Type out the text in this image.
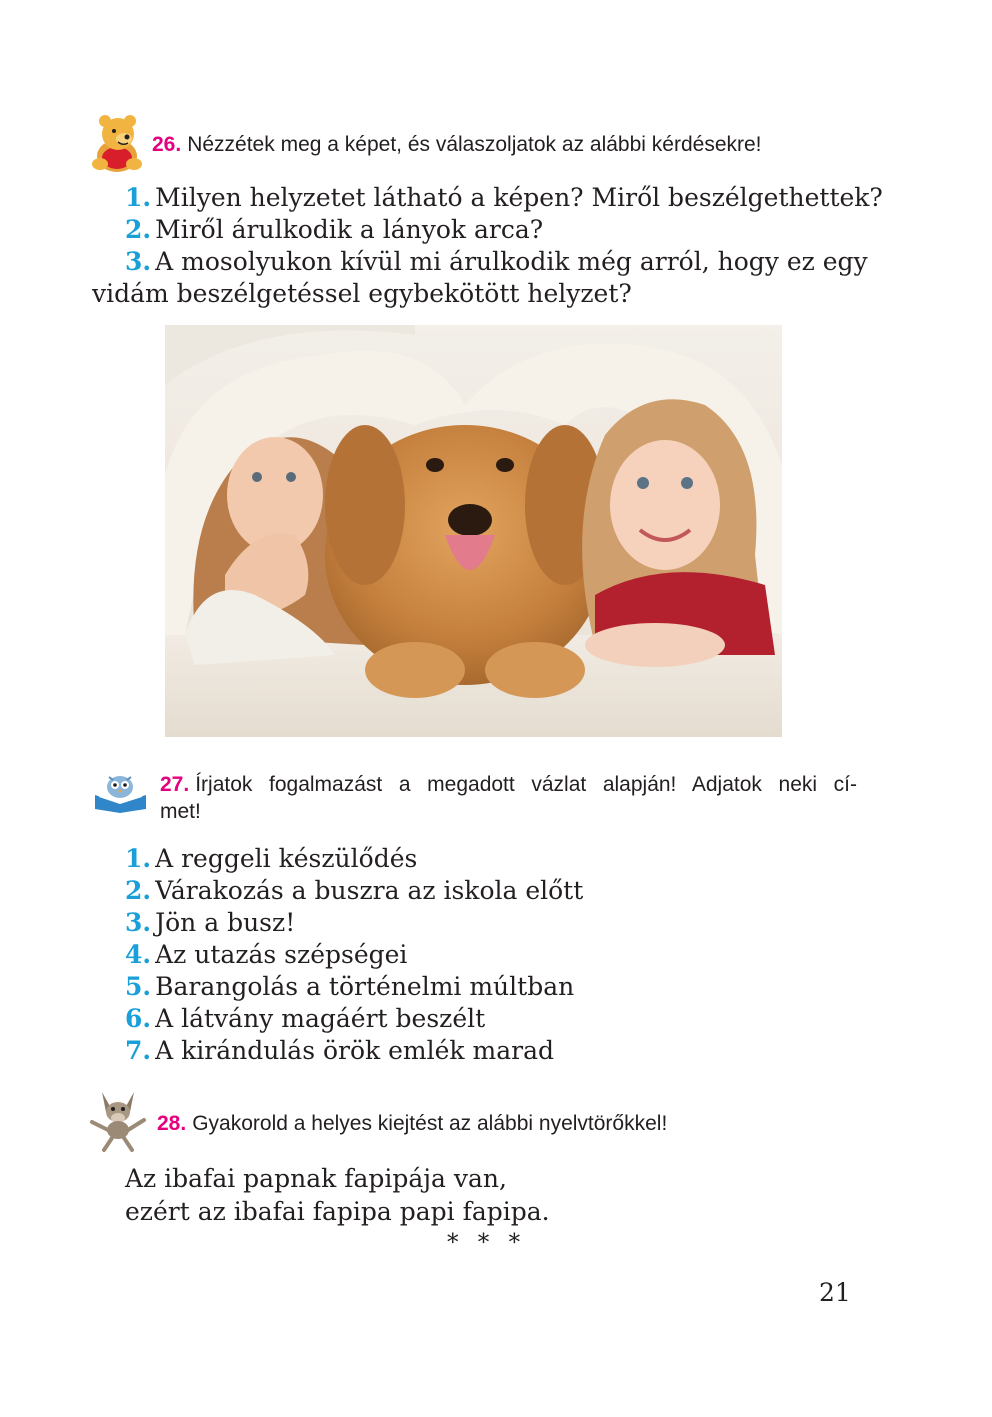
26. Nézzétek meg a képet, és válaszoljatok az alábbi kérdésekre!
1. Milyen helyzetet látható a képen? Miről beszélgethettek?
2. Miről árulkodik a lányok arca?
3. A mosolyukon kívül mi árulkodik még arról, hogy ez egy
vidám beszélgetéssel egybekötött helyzet?
27. Írjatok fogalmazást a megadott vázlat alapján! Adjatok neki cí-
met!
1. A reggeli készülődés
2. Várakozás a buszra az iskola előtt
3. Jön a busz!
4. Az utazás szépségei
5. Barangolás a történelmi múltban
6. A látvány magáért beszélt
7. A kirándulás örök emlék marad
28. Gyakorold a helyes kiejtést az alábbi nyelvtörőkkel!
Az ibafai papnak fapipája van,
ezért az ibafai fapipa papi fapipa.
* * *
21
